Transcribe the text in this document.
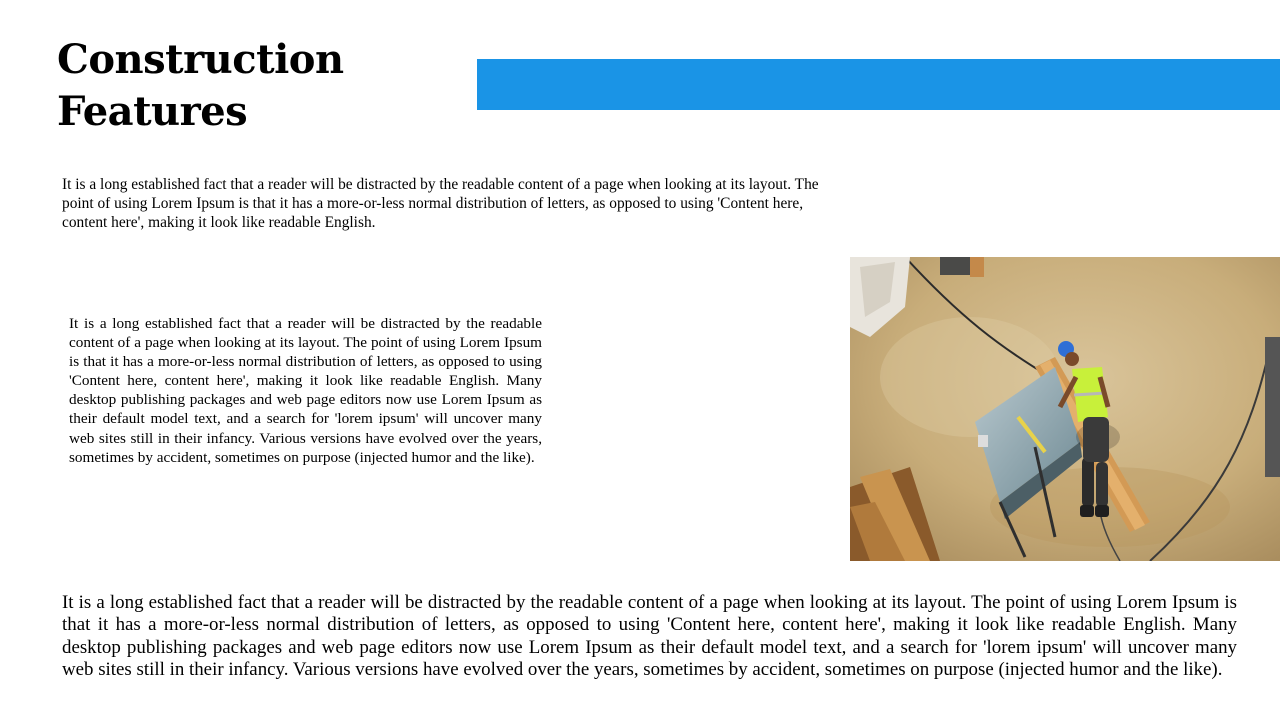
Construction
Features

It is a long established fact that a reader will be distracted by the readable content of a page when looking at its layout. The point of using Lorem Ipsum is that it has a more-or-less normal distribution of letters, as opposed to using 'Content here, content here', making it look like readable English.

It is a long established fact that a reader will be distracted by the readable content of a page when looking at its layout. The point of using Lorem Ipsum is that it has a more-or-less normal distribution of letters, as opposed to using 'Content here, content here', making it look like readable English. Many desktop publishing packages and web page editors now use Lorem Ipsum as their default model text, and a search for 'lorem ipsum' will uncover many web sites still in their infancy. Various versions have evolved over the years, sometimes by accident, sometimes on purpose (injected humor and the like).

It is a long established fact that a reader will be distracted by the readable content of a page when looking at its layout. The point of using Lorem Ipsum is that it has a more-or-less normal distribution of letters, as opposed to using 'Content here, content here', making it look like readable English. Many desktop publishing packages and web page editors now use Lorem Ipsum as their default model text, and a search for 'lorem ipsum' will uncover many web sites still in their infancy. Various versions have evolved over the years, sometimes by accident, sometimes on purpose (injected humor and the like).
